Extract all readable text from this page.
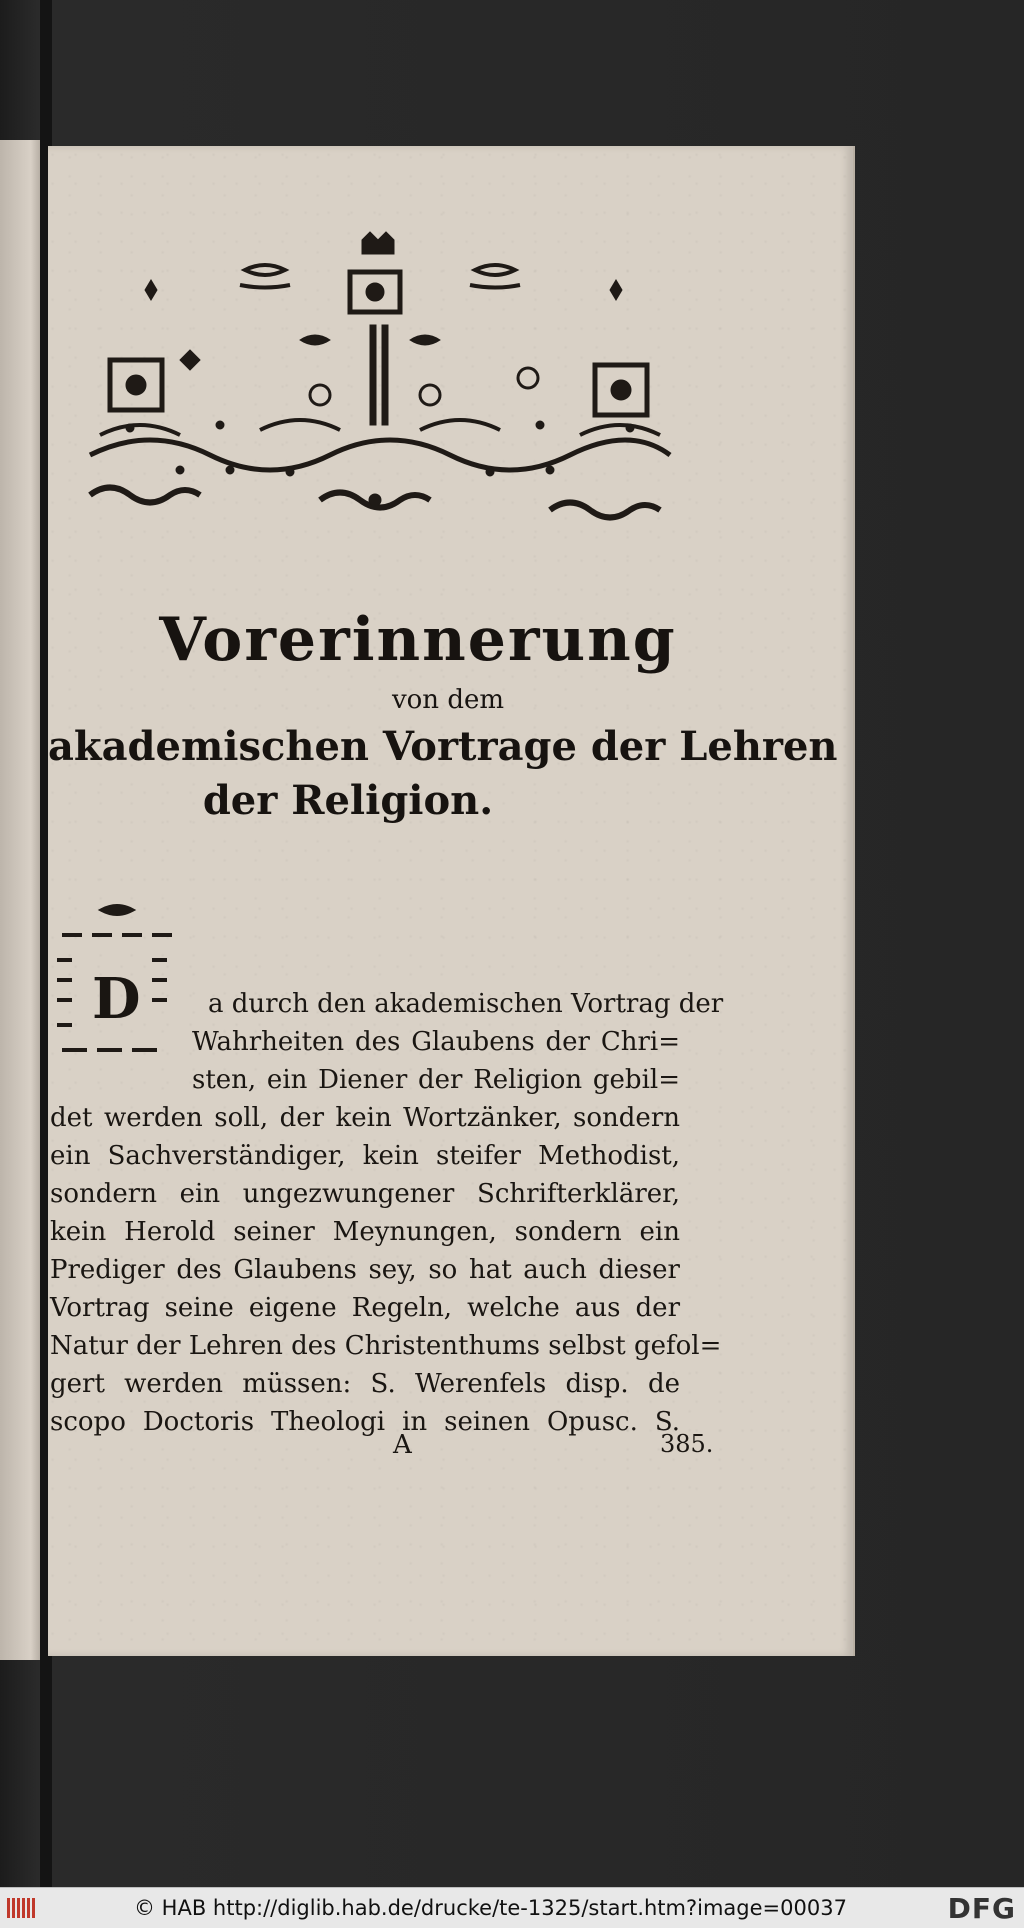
Vorerinnerung

von dem

akademischen Vortrage der Lehren

der Religion.

D	a durch den akademischen Vortrag der
Wahrheiten des Glaubens der Chri=
sten, ein Diener der Religion gebil=
det werden soll, der kein Wortzänker, sondern
ein Sachverständiger, kein steifer Methodist,
sondern ein ungezwungener Schrifterklärer,
kein Herold seiner Meynungen, sondern ein
Prediger des Glaubens sey, so hat auch dieser
Vortrag seine eigene Regeln, welche aus der
Natur der Lehren des Christenthums selbst gefol=
gert werden müssen: S. Werenfels disp. de
scopo Doctoris Theologi in seinen Opusc. S.
A	385.
© HAB http://diglib.hab.de/drucke/te-1325/start.htm?image=00037	DFG
